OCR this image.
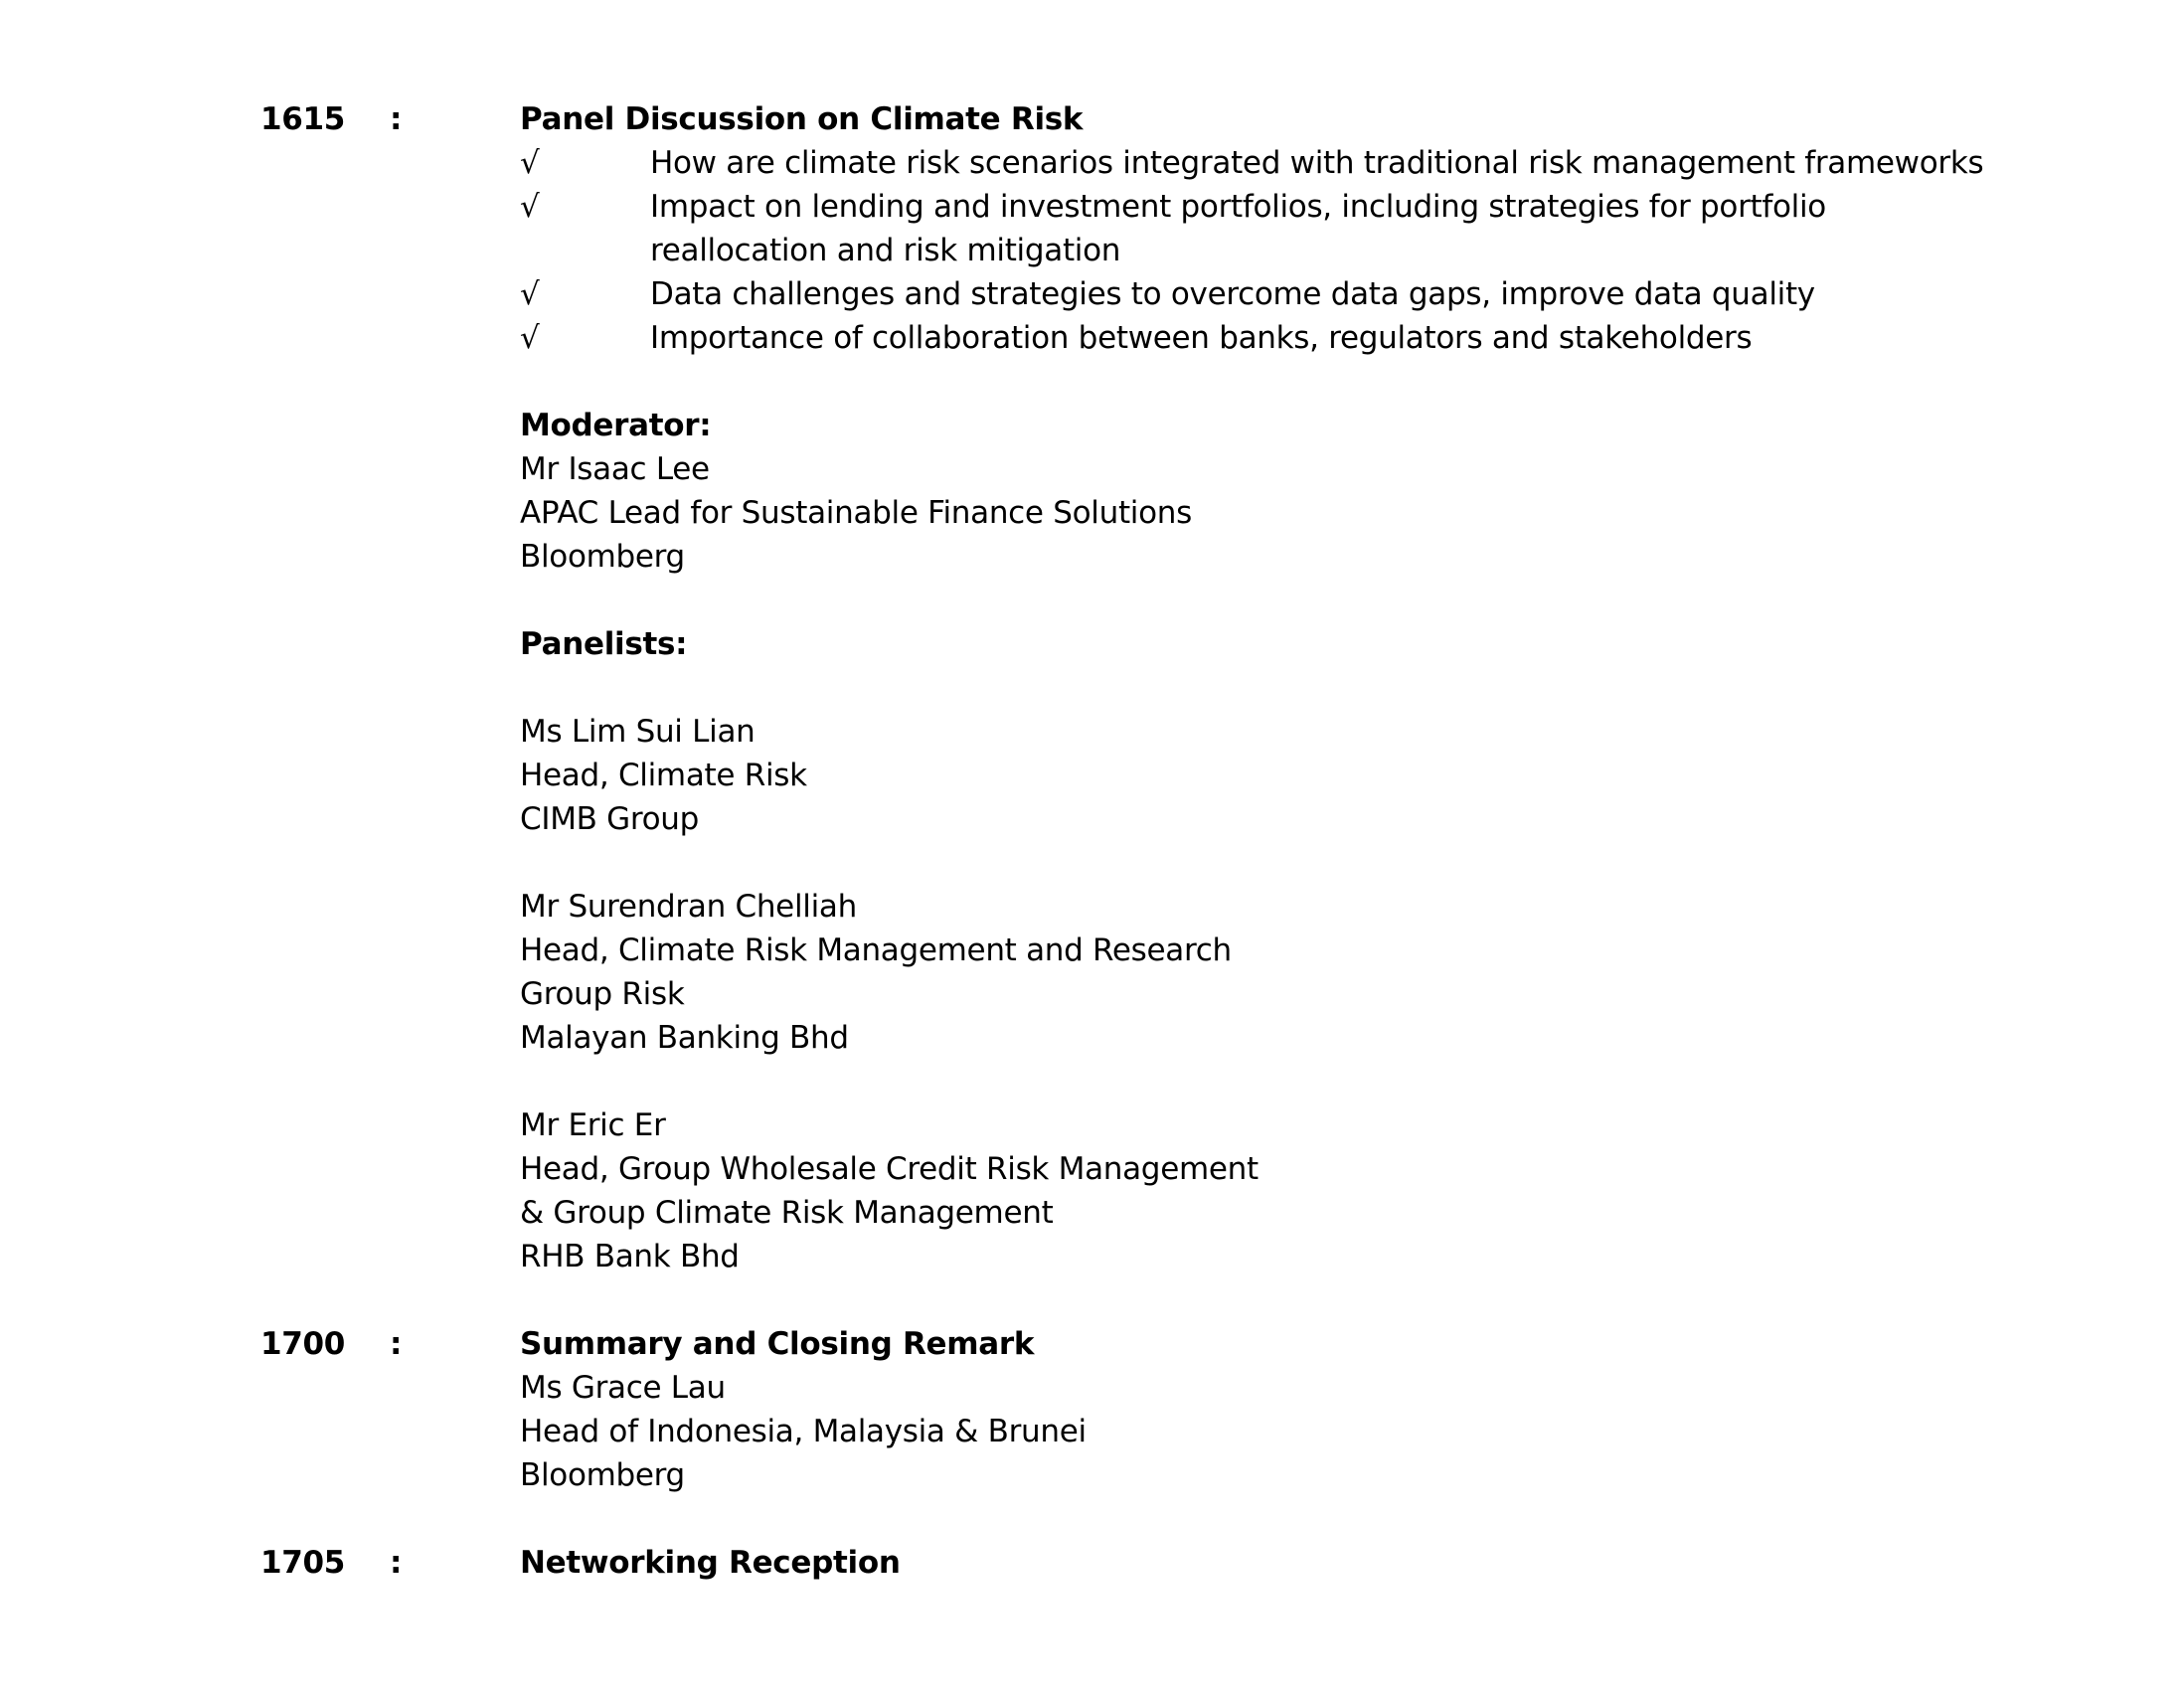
1615 :	Panel Discussion on Climate Risk
√	How are climate risk scenarios integrated with traditional risk management frameworks
√	Impact on lending and investment portfolios, including strategies for portfolio
reallocation and risk mitigation
√	Data challenges and strategies to overcome data gaps, improve data quality
√	Importance of collaboration between banks, regulators and stakeholders
Moderator:
Mr Isaac Lee
APAC Lead for Sustainable Finance Solutions
Bloomberg
Panelists:
Ms Lim Sui Lian
Head, Climate Risk
CIMB Group
Mr Surendran Chelliah
Head, Climate Risk Management and Research
Group Risk
Malayan Banking Bhd
Mr Eric Er
Head, Group Wholesale Credit Risk Management
& Group Climate Risk Management
RHB Bank Bhd
1700 :	Summary and Closing Remark
Ms Grace Lau
Head of Indonesia, Malaysia & Brunei
Bloomberg
1705 :	Networking Reception
